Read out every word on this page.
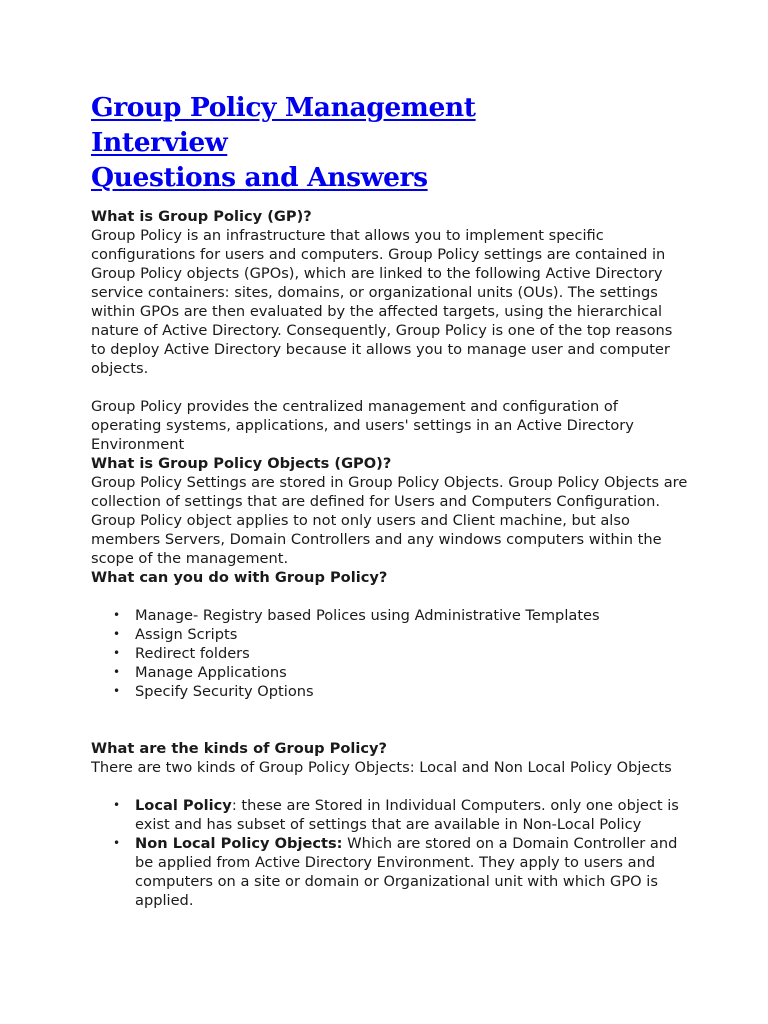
Group Policy Management Interview
Questions and Answers

What is Group Policy (GP)?

Group Policy is an infrastructure that allows you to implement specific configurations for users and computers. Group Policy settings are contained in Group Policy objects (GPOs), which are linked to the following Active Directory service containers: sites, domains, or organizational units (OUs). The settings within GPOs are then evaluated by the affected targets, using the hierarchical nature of Active Directory. Consequently, Group Policy is one of the top reasons to deploy Active Directory because it allows you to manage user and computer objects.

Group Policy provides the centralized management and configuration of operating systems, applications, and users' settings in an Active Directory Environment

What is Group Policy Objects (GPO)?

Group Policy Settings are stored in Group Policy Objects. Group Policy Objects are collection of settings that are defined for Users and Computers Configuration. Group Policy object applies to not only users and Client machine, but also members Servers, Domain Controllers and any windows computers within the scope of the management.

What can you do with Group Policy?

• Manage- Registry based Polices using Administrative Templates
• Assign Scripts
• Redirect folders
• Manage Applications
• Specify Security Options

What are the kinds of Group Policy?

There are two kinds of Group Policy Objects: Local and Non Local Policy Objects

• Local Policy: these are Stored in Individual Computers. only one object is exist and has subset of settings that are available in Non-Local Policy
• Non Local Policy Objects: Which are stored on a Domain Controller and be applied from Active Directory Environment. They apply to users and computers on a site or domain or Organizational unit with which GPO is applied.
